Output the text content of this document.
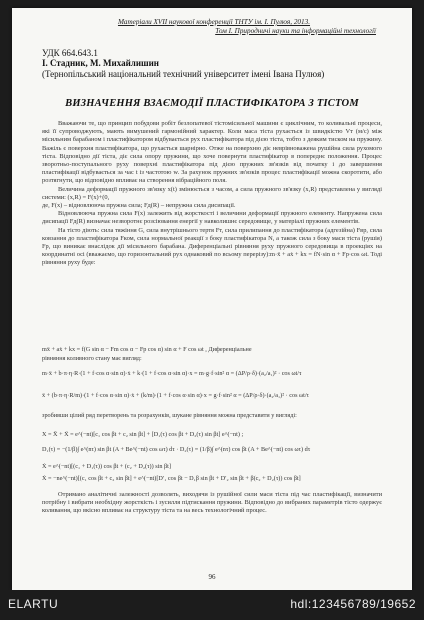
Матеріали XVII наукової конференції ТНТУ ім. І. Пулюя, 2013.
Том І. Природничі науки та інформаційні технології
УДК 664.643.1
І. Стадник, М. Михайлишин
(Тернопільський національний технічний університет імені Івана Пулюя)
ВИЗНАЧЕННЯ ВЗАЄМОДІЇ ПЛАСТИФІКАТОРА З ТІСТОМ

Вважаючи те, що принцип побудови робіт безлопатевої тістомісильної машини є циклічним, то коливальні процеси, які її супроводжують, мають вимушений гармонійний характер. Коли маса тіста рухається із швидкістю Vт (м/с) між місильним барабаном і пластифікатором відбувається рух пластифікатора під дією тіста, тобто з деяким тиском на пружину. Важіль є поверхня пластифікатора, що рухається шарнірно. Отже на поверхню діє неврівноважена рушійна сила рухомого тіста. Відповідно дії тіста, діє сила опору пружини, що хоче повернути пластифікатор в попереднє положення. Процес зворотньо-поступального руху поверхні пластифікатора під дією пружних зв'язків від початку і до завершення пластифікації відбувається за час t із частотою w. За рахунок пружних зв'язків процес пластифікації можна скоротити, або розтягнути, що відповідно впливає на створення вібраційного поля.

Величина деформації пружного зв'язку x(t) змінюється з часом, а сила пружного зв'язку (x,R) представлена у вигляді системи: (x,R) = F(x)+(0,

де, F(x) – відновлююча пружна сила; Fд(R) – непружна сила дисипації.

Відновлююча пружна сила F(x) залежить від жорсткості і величини деформації пружного елементу. Напружена сила дисипації Fд(R) визначає незворотнє розсіювання енергії у навколишнє середовище, у матеріалі пружних елементів.

На тісто діють: сила тяжіння G, сила внутрішнього тертя Fт, сила прилипання до пластифікатора (адгезійна) Fвр, сила ковзання до пластифікатора Fком, сила нормальної реакції з боку пластифікатора N, а також сила з боку маси тіста (рушія) Fр, що виникає внаслідок дії місильного барабана. Диференціальні рівняння руху пружного середовища в проекціях на координатні осі (вважаємо, що горизонтальний рух однаковий по всьому перерізу):m·ẍ + aẋ + kx = fN·sin α + Fp·cos ωt. Тоді рівняння руху буде:

mẍ + aẋ + kx = f(G sin α − Fm cos α − Fp cos α) sin α + F cos ωt , Диференціальне
рівняння коливного стану має вигляд:
m·ẍ + b·π·η·R·(1 + f·cos α·sin α)·ẋ + k·(1 + f·cos α·sin α)·x = m·g·f·sin² α = (ΔP/ρ·δ)·(a₂/a₁)² · cos ωt/τ
ẍ + (b·π·η·R/m)·(1 + f·cos α·sin α)·ẋ + (k/m)·(1 + f·cos α·sin α)·x = g·f·sin² α = (ΔP/ρ·δ)·(a₂/a₁)² · cos ωt/τ
зробивши цілий ряд перетворень та розрахунків, шукане рівняння можна представити у вигляді:
X = X̄ + X̃ = e^(−nt)[c₁ cos βt + c₂ sin βt] + [D₁(τ) cos βt + D₂(τ) sin βt] e^(−nt) ;
D₁(τ) = −(1/β)∫ e^(nτ) sin βt (A + Be^(−nt) cos ωτ) dτ · D₂(τ) = (1/β)∫ e^(nτ) cos βt (A + Be^(−nt) cos ωτ) dτ
Ẋ = e^(−nt)[(c₁ + D₁(τ)) cos βt + (c₂ + D₂(τ)) sin βt]
Ẋ = −ne^(−nt)[(c₁ cos βt + c₂ sin βt] + e^(−nt)[D′₁ cos βt − D₁β sin βt + D′₂ sin βt + β(c₂ + D₂(τ)) cos βt]

Отримано аналітичні залежності дозволять, виходячи із рушійної сили маси тіста під час пластифікації, визначити потрібну і вибрати необхідну жорсткість і зусилля підтискання пружини. Відповідно до вибраних параметрів тісто одержує коливання, що вкісно впливає на структуру тіста та на весь технологічний процес.

96
ELARTU	hdl:123456789/19652
